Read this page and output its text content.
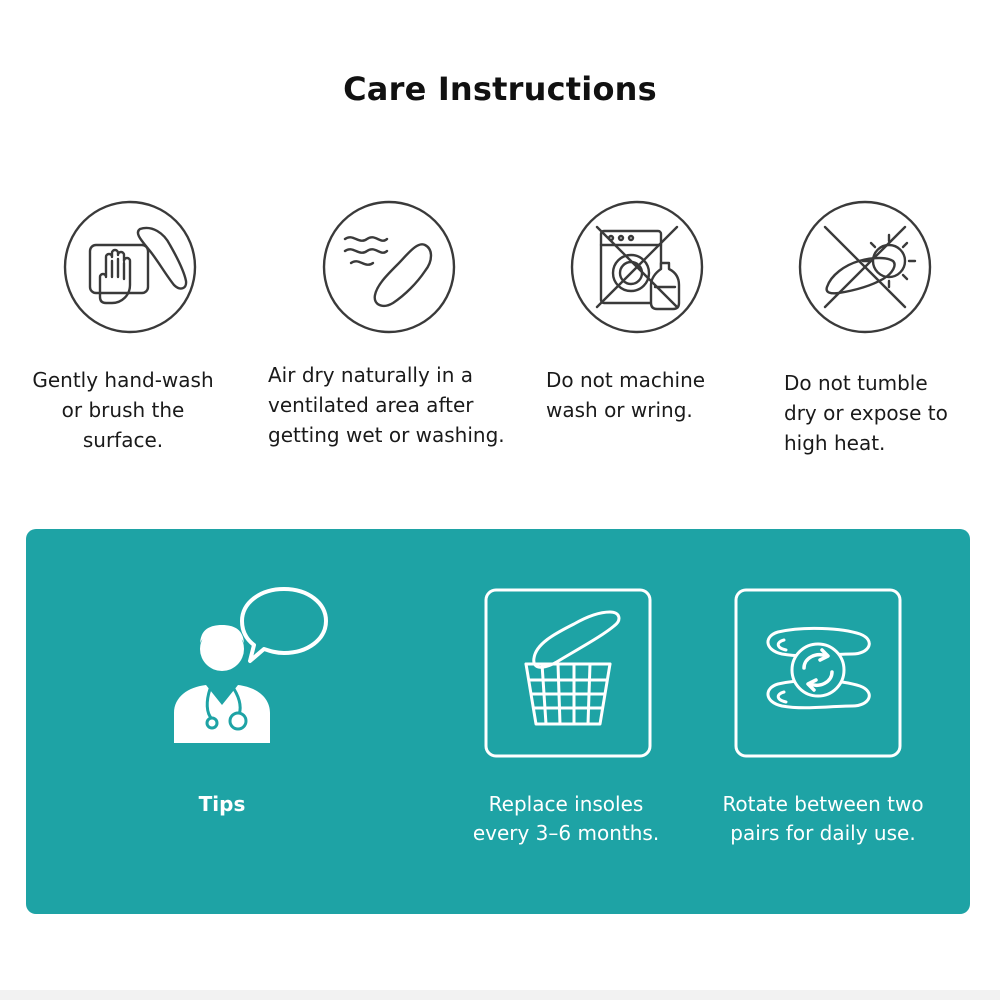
Care Instructions
Gently hand-wash
or brush the surface.
Air dry naturally in a
ventilated area after
getting wet or washing.
Do not machine
wash or wring.
Do not tumble
dry or expose to
high heat.
Tips	Replace insoles
every 3–6 months.
Rotate between two
pairs for daily use.
